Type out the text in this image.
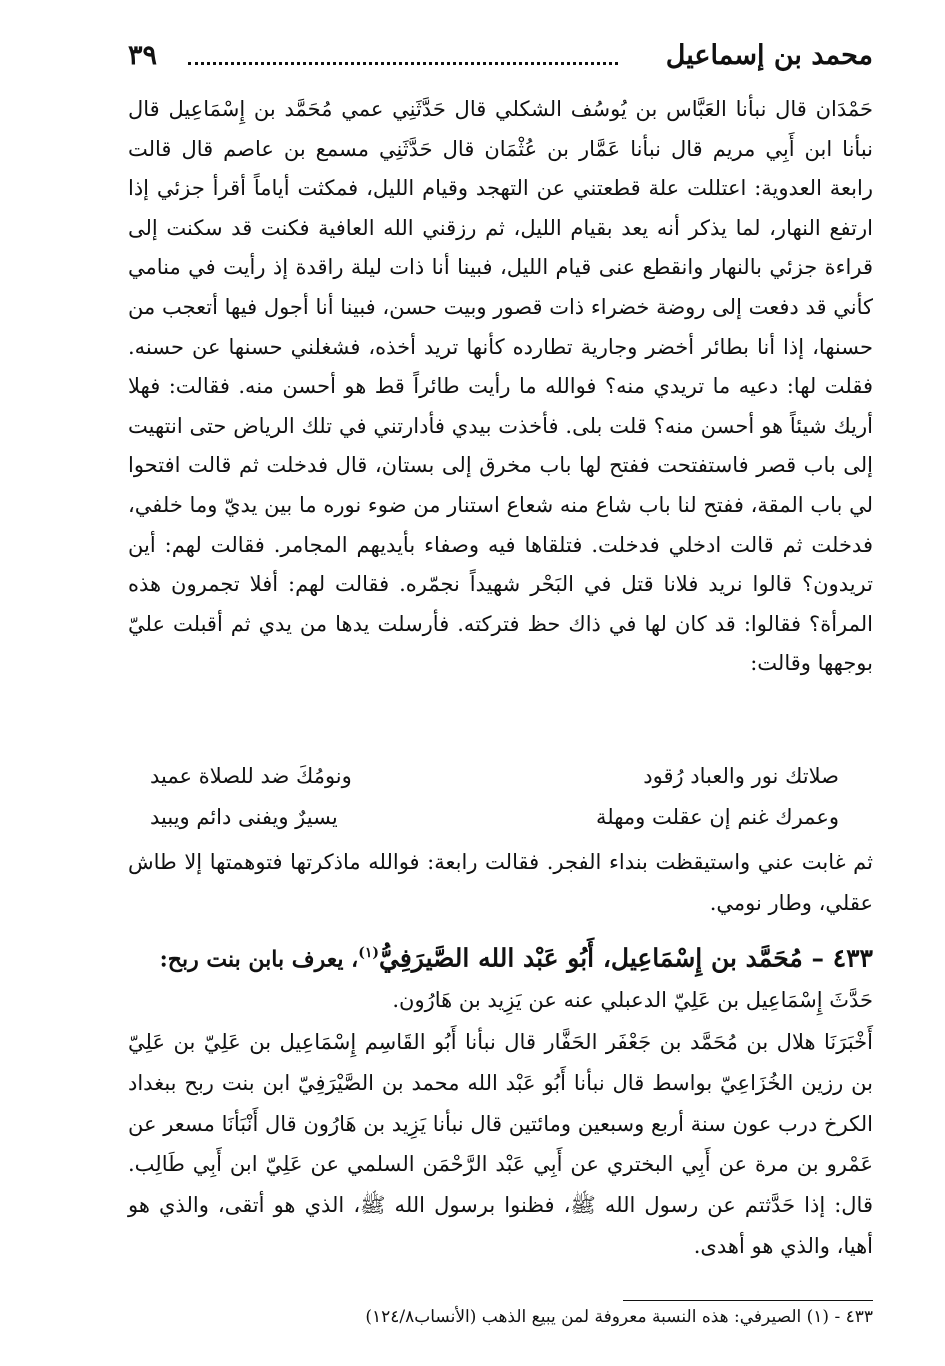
محمد بن إسماعيل
٣٩
حَمْدَان قال نبأنا العَبَّاس بن يُوسُف الشكلي قال حَدَّثَنِي عمي مُحَمَّد بن إِسْمَاعِيل قال نبأنا ابن أَبِي مريم قال نبأنا عَمَّار بن عُثْمَان قال حَدَّثَنِي مسمع بن عاصم قال قالت رابعة العدوية: اعتللت علة قطعتني عن التهجد وقيام الليل، فمكثت أياماً أقرأ جزئي إذا ارتفع النهار، لما يذكر أنه يعد بقيام الليل، ثم رزقني الله العافية فكنت قد سكنت إلى قراءة جزئي بالنهار وانقطع عنى قيام الليل، فبينا أنا ذات ليلة راقدة إذ رأيت في منامي كأني قد دفعت إلى روضة خضراء ذات قصور وبيت حسن، فبينا أنا أجول فيها أتعجب من حسنها، إذا أنا بطائر أخضر وجارية تطارده كأنها تريد أخذه، فشغلني حسنها عن حسنه. فقلت لها: دعيه ما تريدي منه؟ فوالله ما رأيت طائراً قط هو أحسن منه. فقالت: فهلا أريك شيئاً هو أحسن منه؟ قلت بلى. فأخذت بيدي فأدارتني في تلك الرياض حتى انتهيت إلى باب قصر فاستفتحت ففتح لها باب مخرق إلى بستان، قال فدخلت ثم قالت افتحوا لي باب المقة، ففتح لنا باب شاع منه شعاع استنار من ضوء نوره ما بين يديّ وما خلفي، فدخلت ثم قالت ادخلي فدخلت. فتلقاها فيه وصفاء بأيديهم المجامر. فقالت لهم: أين تريدون؟ قالوا نريد فلانا قتل في البَحْر شهيداً نجمّره. فقالت لهم: أفلا تجمرون هذه المرأة؟ فقالوا: قد كان لها في ذاك حظ فتركته. فأرسلت يدها من يدي ثم أقبلت عليّ بوجهها وقالت:
صلاتك نور والعباد رُقود
ونومُكَ ضد للصلاة عميد
وعمرك غنم إن عقلت ومهلة
يسيرٌ ويفنى دائم ويبيد
ثم غابت عني واستيقظت بنداء الفجر. فقالت رابعة: فوالله ماذكرتها فتوهمتها إلا طاش عقلي، وطار نومي.
٤٣٣ – مُحَمَّد بن إِسْمَاعِيل، أَبُو عَبْد الله الصَّيرَفِيُّ$^{(١)}$، يعرف بابن بنت ربح:
حَدَّثَ إِسْمَاعِيل بن عَلِيّ الدعبلي عنه عن يَزِيد بن هَارُون.
أَخْبَرَنَا هلال بن مُحَمَّد بن جَعْفَر الحَفَّار قال نبأنا أَبُو القَاسِم إِسْمَاعِيل بن عَلِيّ بن عَلِيّ بن رزين الخُزَاعِيّ بواسط قال نبأنا أَبُو عَبْد الله محمد بن الصَّيْرَفِيّ ابن بنت ربح ببغداد الكرخ درب عون سنة أربع وسبعين ومائتين قال نبأنا يَزِيد بن هَارُون قال أَنْبَأنَا مسعر عن عَمْرو بن مرة عن أَبِي البختري عن أَبِي عَبْد الرَّحْمَن السلمي عن عَلِيّ ابن أَبِي طَالِب. قال: إذا حَدَّثتم عن رسول الله ﷺ، فظنوا برسول الله ﷺ، الذي هو أتقى، والذي هو أهيا، والذي هو أهدى.
٤٣٣ - (١) الصيرفي: هذه النسبة معروفة لمن يبيع الذهب (الأنساب١٢٤/٨)
